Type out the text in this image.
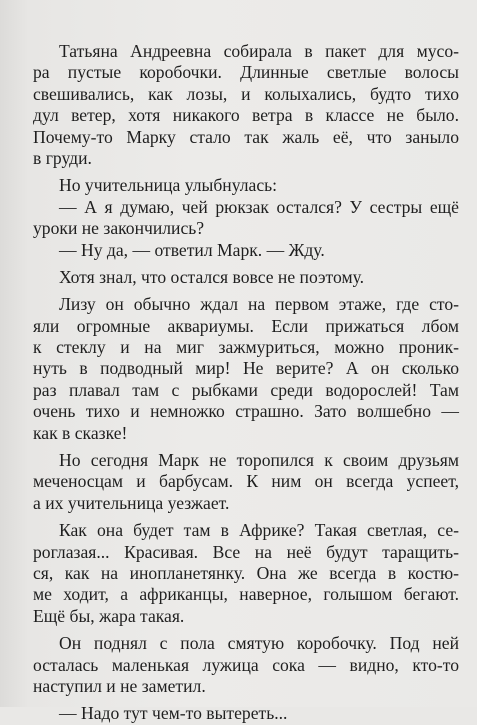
Татьяна Андреевна собирала в пакет для мусо-
ра пустые коробочки. Длинные светлые волосы
свешивались, как лозы, и колыхались, будто тихо
дул ветер, хотя никакого ветра в классе не было.
Почему-то Марку стало так жаль её, что заныло
в груди.
Но учительница улыбнулась:
— А я думаю, чей рюкзак остался? У сестры ещё
уроки не закончились?
— Ну да, — ответил Марк. — Жду.
Хотя знал, что остался вовсе не поэтому.
Лизу он обычно ждал на первом этаже, где сто-
яли огромные аквариумы. Если прижаться лбом
к стеклу и на миг зажмуриться, можно проник-
нуть в подводный мир! Не верите? А он сколько
раз плавал там с рыбками среди водорослей! Там
очень тихо и немножко страшно. Зато волшебно —
как в сказке!
Но сегодня Марк не торопился к своим друзьям
меченосцам и барбусам. К ним он всегда успеет,
а их учительница уезжает.
Как она будет там в Африке? Такая светлая, се-
роглазая... Красивая. Все на неё будут таращить-
ся, как на инопланетянку. Она же всегда в костю-
ме ходит, а африканцы, наверное, голышом бегают.
Ещё бы, жара такая.
Он поднял с пола смятую коробочку. Под ней
осталась маленькая лужица сока — видно, кто-то
наступил и не заметил.
— Надо тут чем-то вытереть...
